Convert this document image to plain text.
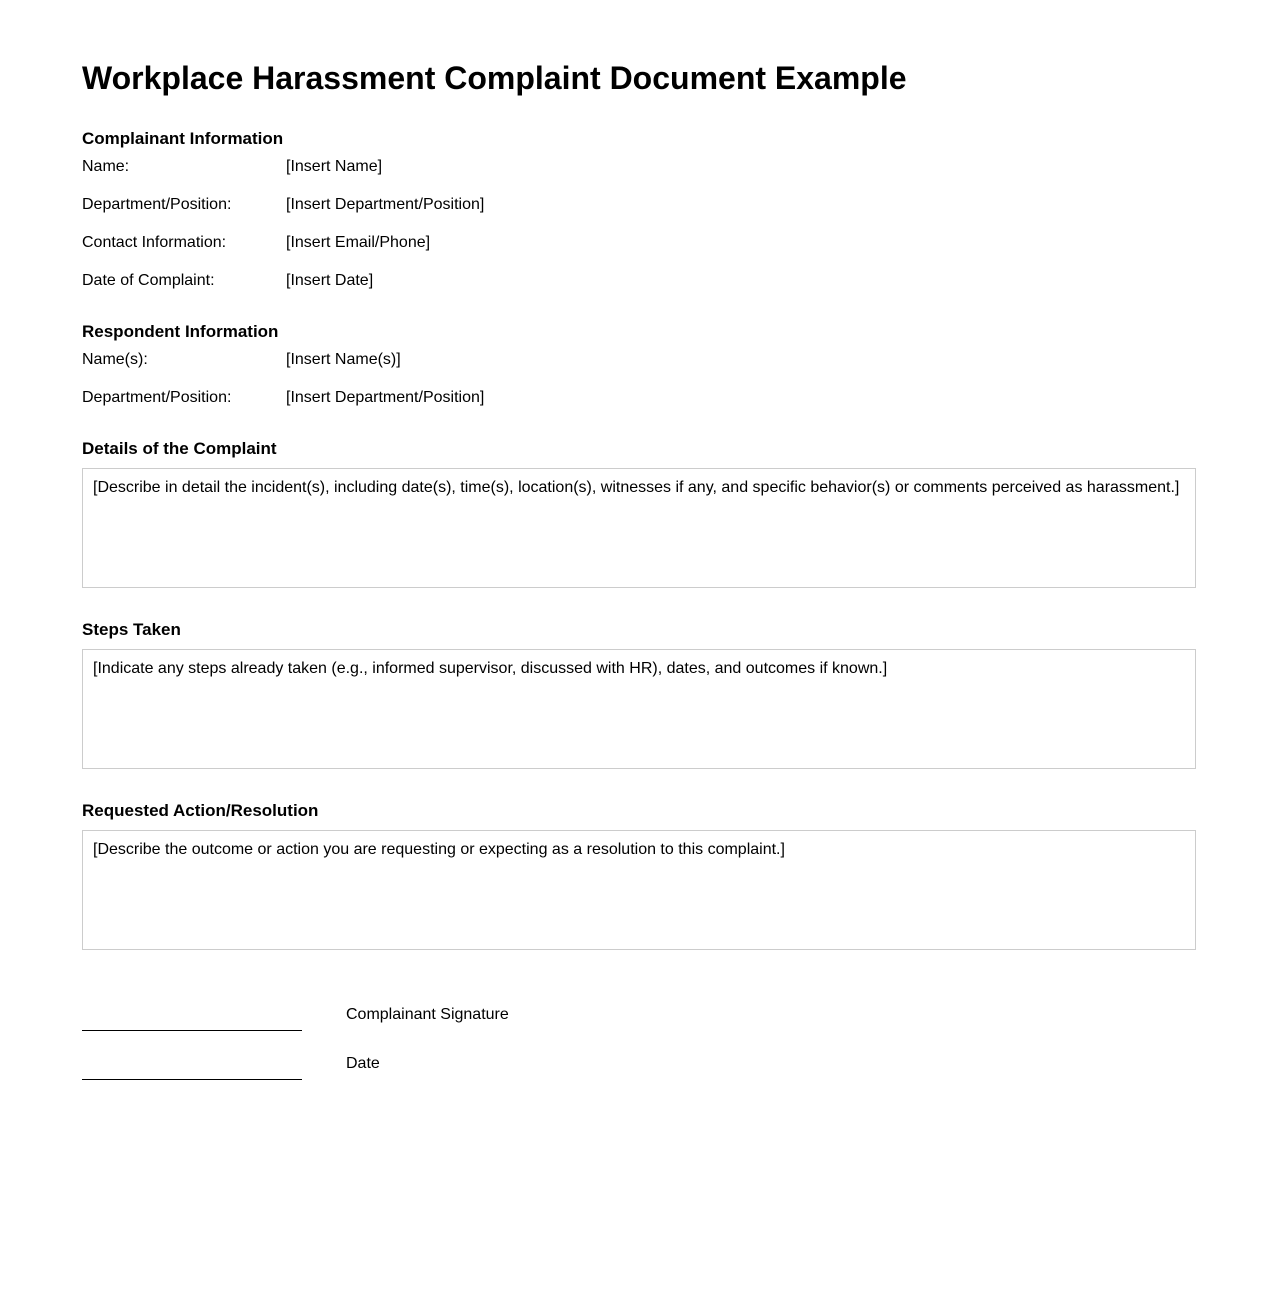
Workplace Harassment Complaint Document Example
Complainant Information
Name:	[Insert Name]
Department/Position:	[Insert Department/Position]
Contact Information:	[Insert Email/Phone]
Date of Complaint:	[Insert Date]
Respondent Information
Name(s):	[Insert Name(s)]
Department/Position:	[Insert Department/Position]
Details of the Complaint
[Describe in detail the incident(s), including date(s), time(s), location(s), witnesses if any, and specific behavior(s) or comments perceived as harassment.]
Steps Taken
[Indicate any steps already taken (e.g., informed supervisor, discussed with HR), dates, and outcomes if known.]
Requested Action/Resolution
[Describe the outcome or action you are requesting or expecting as a resolution to this complaint.]
Complainant Signature
Date
